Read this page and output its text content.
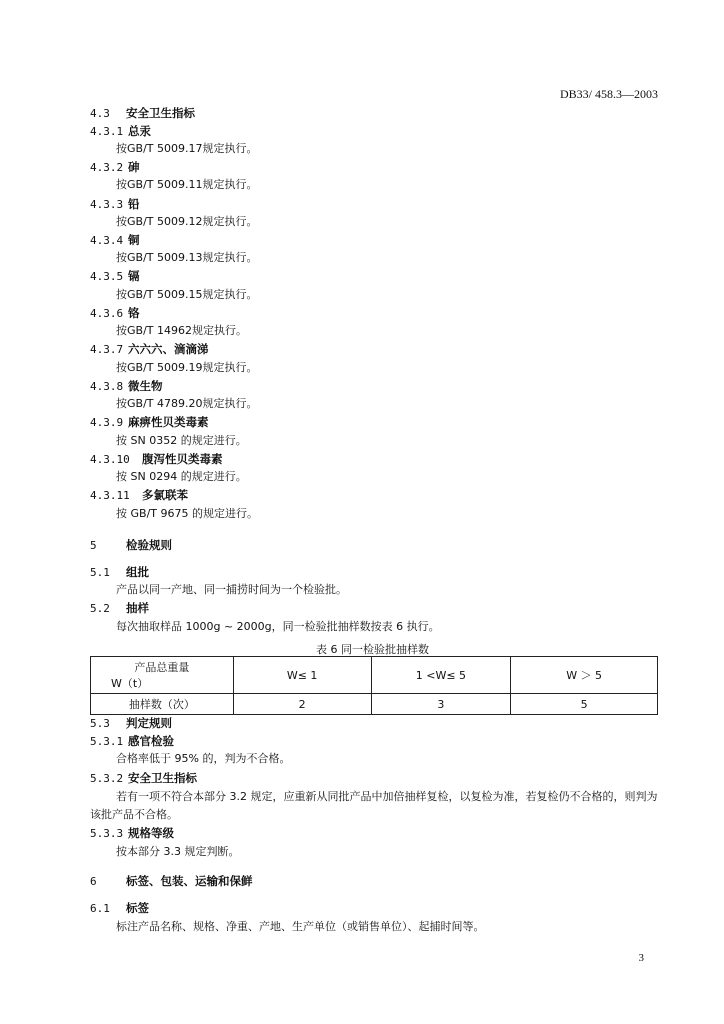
DB33/ 458.3—2003
4.3 安全卫生指标
4.3.1 总汞
按GB/T 5009.17规定执行。
4.3.2 砷
按GB/T 5009.11规定执行。
4.3.3 铅
按GB/T 5009.12规定执行。
4.3.4 铜
按GB/T 5009.13规定执行。
4.3.5 镉
按GB/T 5009.15规定执行。
4.3.6 铬
按GB/T 14962规定执行。
4.3.7 六六六、滴滴涕
按GB/T 5009.19规定执行。
4.3.8 微生物
按GB/T 4789.20规定执行。
4.3.9 麻痹性贝类毒素
按 SN 0352 的规定进行。
4.3.10 腹泻性贝类毒素
按 SN 0294 的规定进行。
4.3.11 多氯联苯
按 GB/T 9675 的规定进行。
5	检验规则
5.1 组批
产品以同一产地、同一捕捞时间为一个检验批。
5.2 抽样
每次抽取样品 1000g ~ 2000g，同一检验批抽样数按表 6 执行。
表 6 同一检验批抽样数
产品总重量
W（t）	W≤ 1	1 <W≤ 5	W ＞ 5
抽样数（次）	2	3	5
5.3 判定规则
5.3.1 感官检验
合格率低于 95% 的，判为不合格。
5.3.2 安全卫生指标
若有一项不符合本部分 3.2 规定，应重新从同批产品中加倍抽样复检，以复检为准，若复检仍不合格的，则判为该批产品不合格。
5.3.3 规格等级
按本部分 3.3 规定判断。
6	标签、包装、运输和保鲜
6.1 标签
标注产品名称、规格、净重、产地、生产单位（或销售单位）、起捕时间等。
3
